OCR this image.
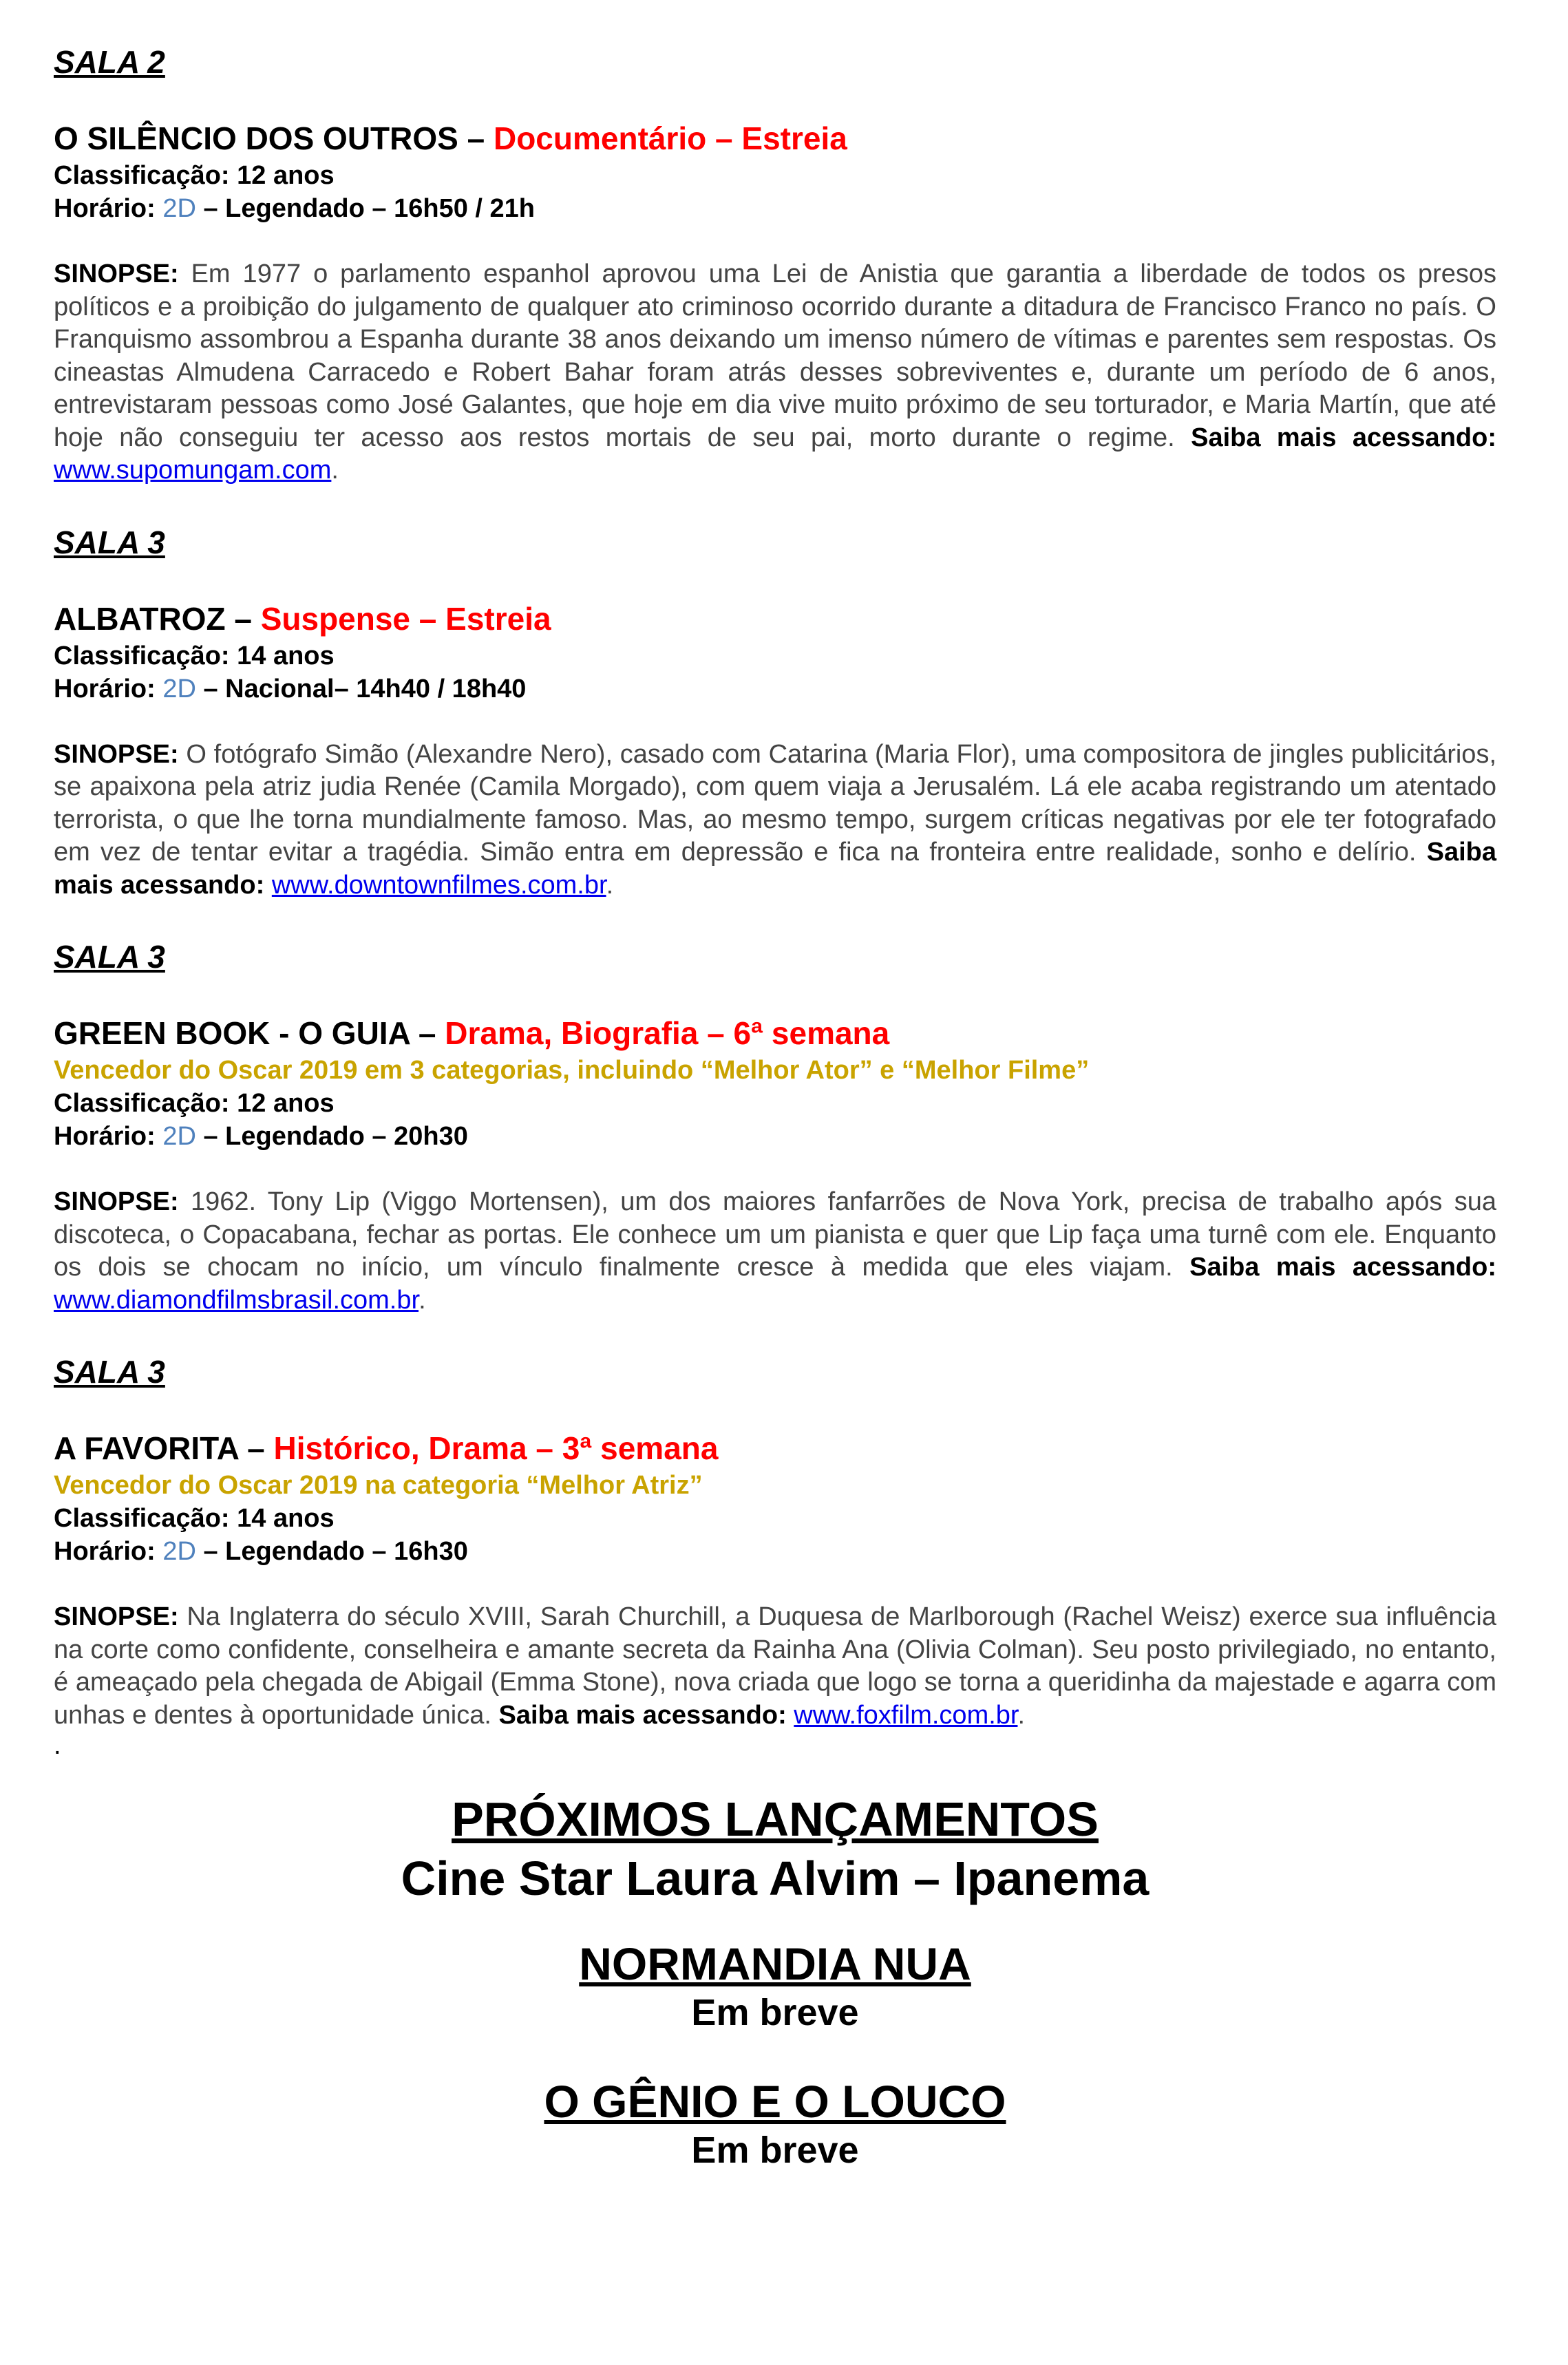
SALA 2

O SILÊNCIO DOS OUTROS – Documentário – Estreia

Classificação: 12 anos
Horário: 2D – Legendado – 16h50 / 21h

SINOPSE: Em 1977 o parlamento espanhol aprovou uma Lei de Anistia que garantia a liberdade de todos os presos políticos e a proibição do julgamento de qualquer ato criminoso ocorrido durante a ditadura de Francisco Franco no país. O Franquismo assombrou a Espanha durante 38 anos deixando um imenso número de vítimas e parentes sem respostas. Os cineastas Almudena Carracedo e Robert Bahar foram atrás desses sobreviventes e, durante um período de 6 anos, entrevistaram pessoas como José Galantes, que hoje em dia vive muito próximo de seu torturador, e Maria Martín, que até hoje não conseguiu ter acesso aos restos mortais de seu pai, morto durante o regime. Saiba mais acessando: www.supomungam.com.

SALA 3

ALBATROZ – Suspense – Estreia

Classificação: 14 anos
Horário: 2D – Nacional– 14h40 / 18h40

SINOPSE: O fotógrafo Simão (Alexandre Nero), casado com Catarina (Maria Flor), uma compositora de jingles publicitários, se apaixona pela atriz judia Renée (Camila Morgado), com quem viaja a Jerusalém. Lá ele acaba registrando um atentado terrorista, o que lhe torna mundialmente famoso. Mas, ao mesmo tempo, surgem críticas negativas por ele ter fotografado em vez de tentar evitar a tragédia. Simão entra em depressão e fica na fronteira entre realidade, sonho e delírio. Saiba mais acessando: www.downtownfilmes.com.br.

SALA 3

GREEN BOOK - O GUIA – Drama, Biografia – 6ª semana

Vencedor do Oscar 2019 em 3 categorias, incluindo “Melhor Ator” e “Melhor Filme”
Classificação: 12 anos
Horário: 2D – Legendado – 20h30

SINOPSE: 1962. Tony Lip (Viggo Mortensen), um dos maiores fanfarrões de Nova York, precisa de trabalho após sua discoteca, o Copacabana, fechar as portas. Ele conhece um um pianista e quer que Lip faça uma turnê com ele. Enquanto os dois se chocam no início, um vínculo finalmente cresce à medida que eles viajam. Saiba mais acessando: www.diamondfilmsbrasil.com.br.

SALA 3

A FAVORITA – Histórico, Drama – 3ª semana

Vencedor do Oscar 2019 na categoria “Melhor Atriz”
Classificação: 14 anos
Horário: 2D – Legendado – 16h30

SINOPSE: Na Inglaterra do século XVIII, Sarah Churchill, a Duquesa de Marlborough (Rachel Weisz) exerce sua influência na corte como confidente, conselheira e amante secreta da Rainha Ana (Olivia Colman). Seu posto privilegiado, no entanto, é ameaçado pela chegada de Abigail (Emma Stone), nova criada que logo se torna a queridinha da majestade e agarra com unhas e dentes à oportunidade única. Saiba mais acessando: www.foxfilm.com.br.

.
PRÓXIMOS LANÇAMENTOS
Cine Star Laura Alvim – Ipanema
NORMANDIA NUA
Em breve
O GÊNIO E O LOUCO
Em breve
